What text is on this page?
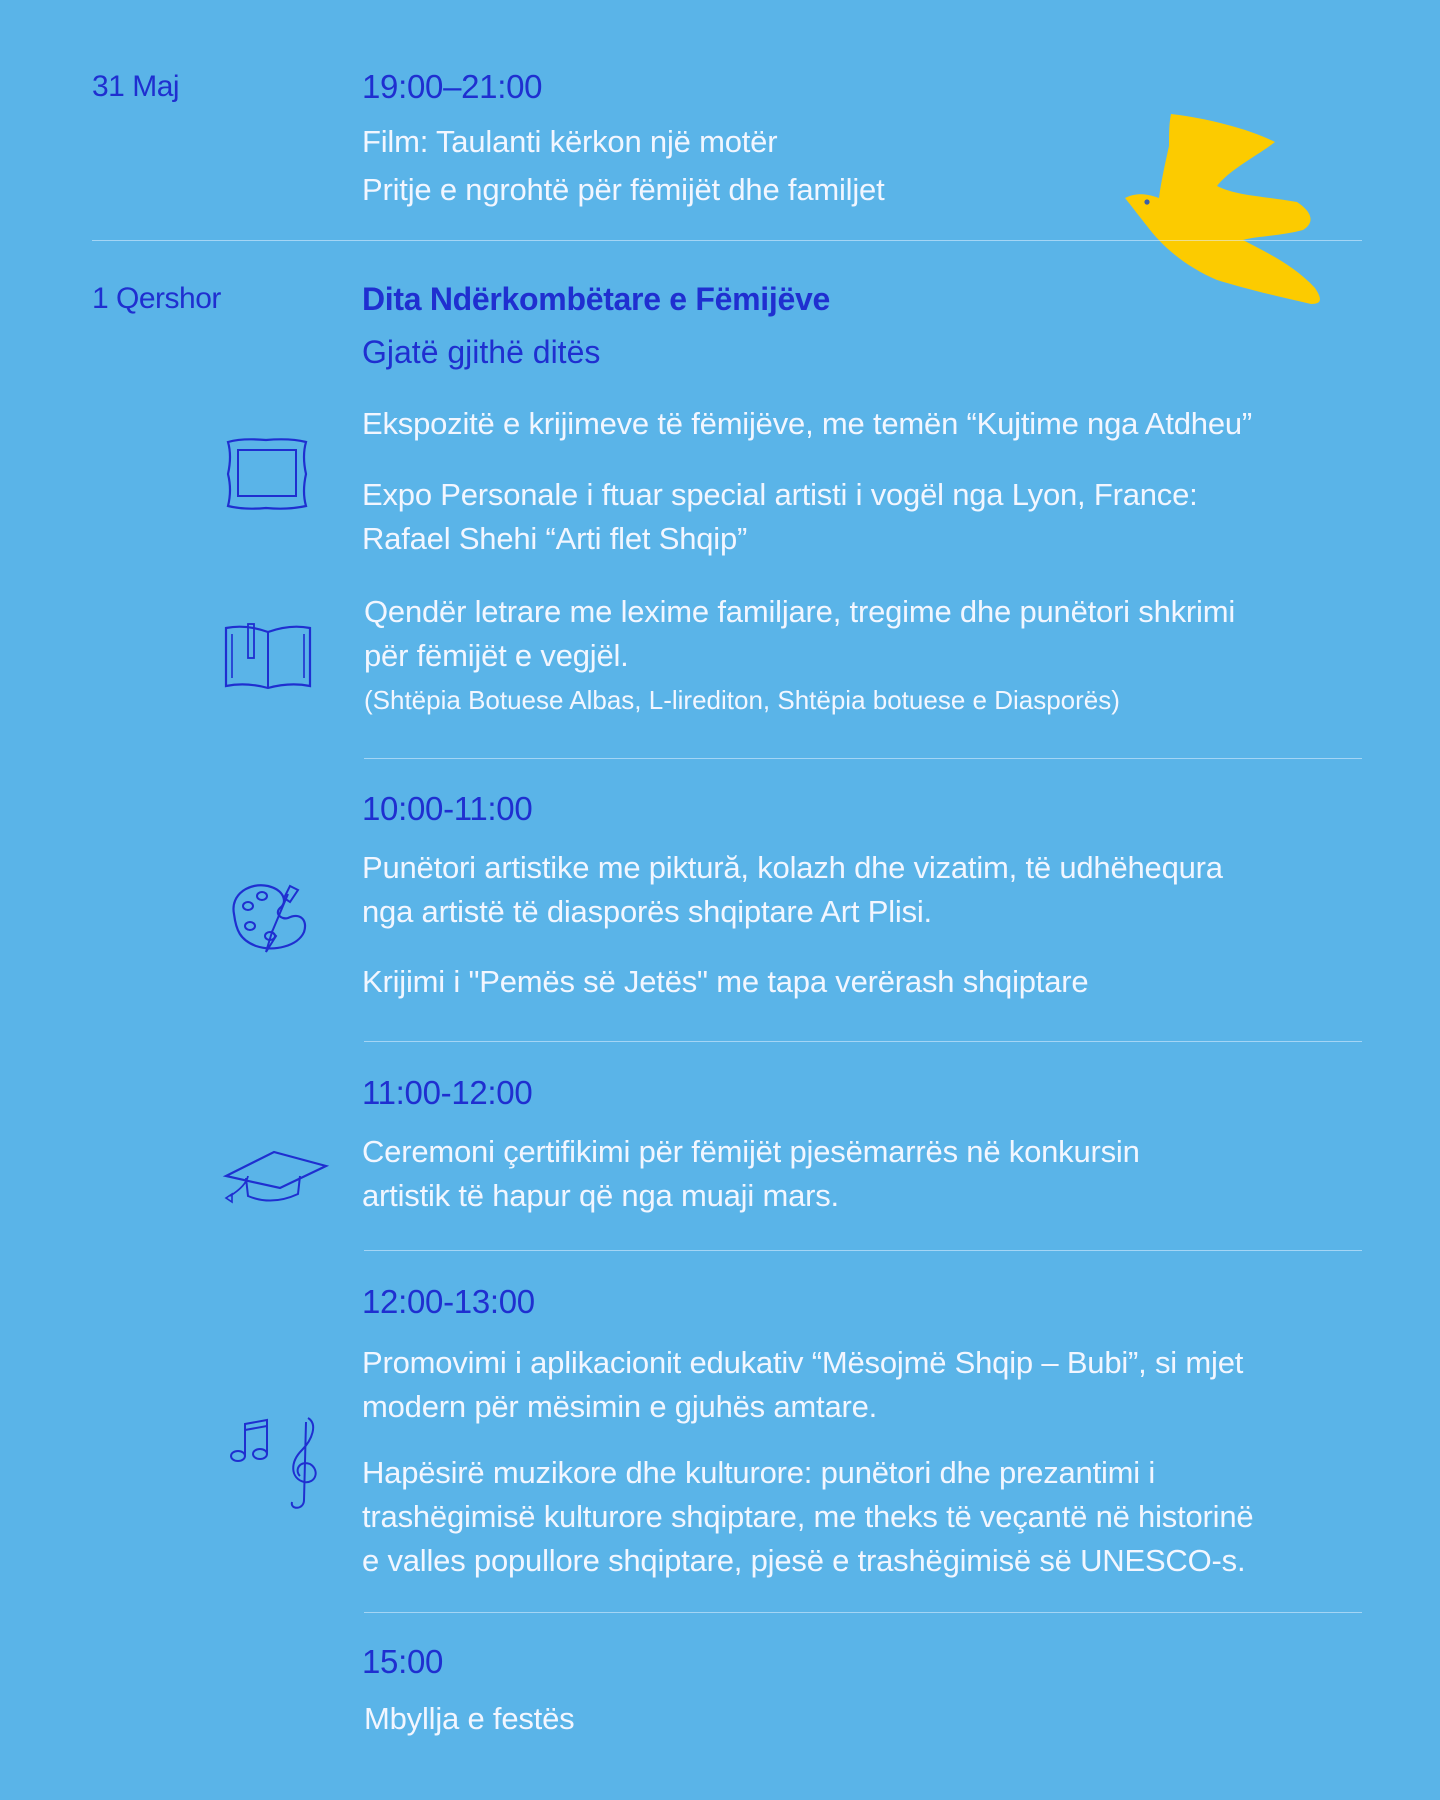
31 Maj	19:00–21:00
Film: Taulanti kërkon një motër
Pritje e ngrohtë për fëmijët dhe familjet
1 Qershor	Dita Ndërkombëtare e Fëmijëve
Gjatë gjithë ditës
Ekspozitë e krijimeve të fëmijëve, me temën “Kujtime nga Atdheu”
Expo Personale i ftuar special artisti i vogël nga Lyon, France:
Rafael Shehi “Arti flet Shqip”
Qendër letrare me lexime familjare, tregime dhe punëtori shkrimi
për fëmijët e vegjël.
(Shtëpia Botuese Albas, L-lirediton, Shtëpia botuese e Diasporës)
10:00-11:00
Punëtori artistike me piktură, kolazh dhe vizatim, të udhëhequra
nga artistë të diasporës shqiptare Art Plisi.
Krijimi i "Pemës së Jetës" me tapa verërash shqiptare
11:00-12:00
Ceremoni çertifikimi për fëmijët pjesëmarrës në konkursin
artistik të hapur që nga muaji mars.
12:00-13:00
Promovimi i aplikacionit edukativ “Mësojmë Shqip – Bubi”, si mjet
modern për mësimin e gjuhës amtare.
Hapësirë muzikore dhe kulturore: punëtori dhe prezantimi i
trashëgimisë kulturore shqiptare, me theks të veçantë në historinë
e valles popullore shqiptare, pjesë e trashëgimisë së UNESCO-s.
15:00
Mbyllja e festës
